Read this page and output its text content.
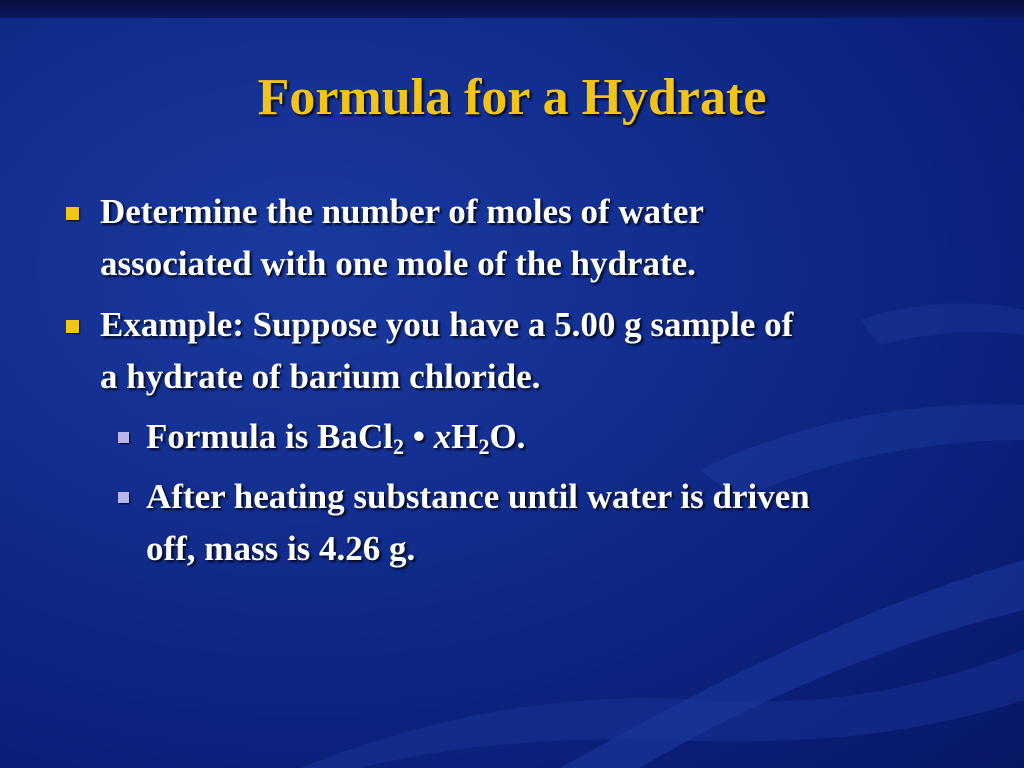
Formula for a Hydrate
Determine the number of moles of water
associated with one mole of the hydrate.
Example: Suppose you have a 5.00 g sample of
a hydrate of barium chloride.
Formula is BaCl$_2$ • $xH_2O$.
After heating substance until water is driven
off, mass is 4.26 g.
